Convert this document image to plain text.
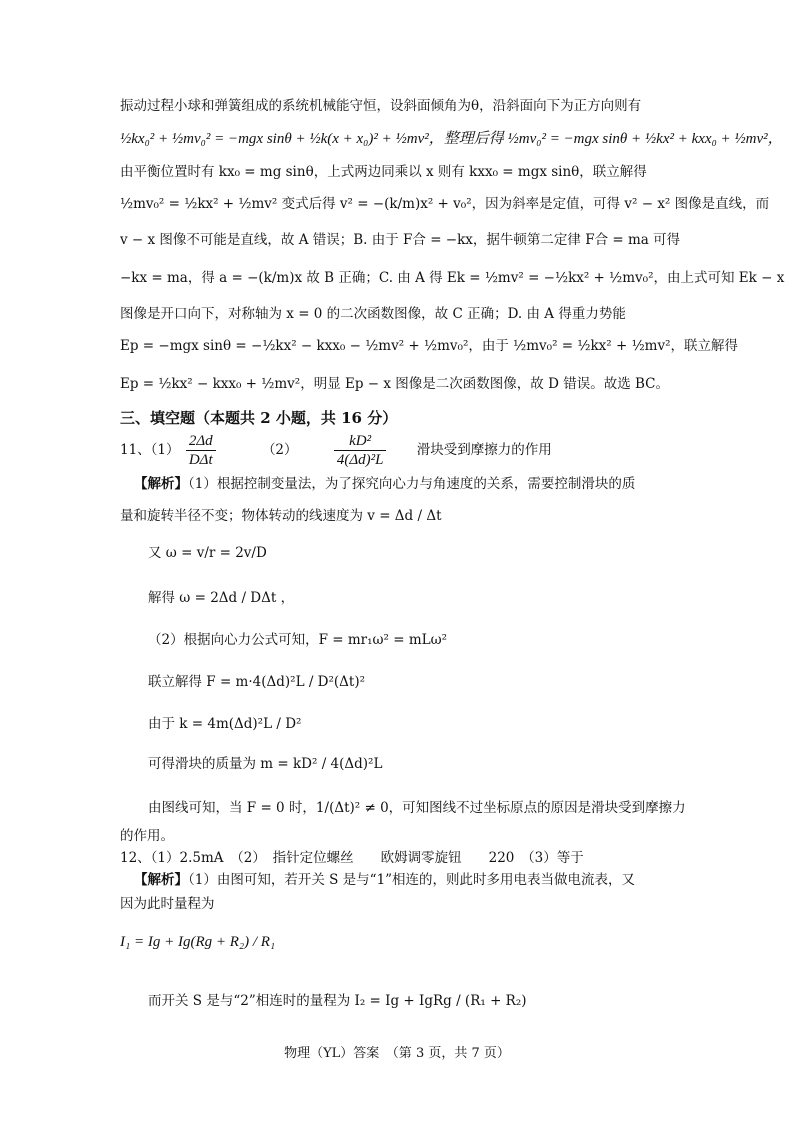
振动过程小球和弹簧组成的系统机械能守恒，设斜面倾角为θ，沿斜面向下为正方向则有
½kx₀² + ½mv₀² = −mgx sinθ + ½k(x + x₀)² + ½mv²，整理后得 ½mv₀² = −mgx sinθ + ½kx² + kxx₀ + ½mv²，
由平衡位置时有 kx₀ = mg sinθ，上式两边同乘以 x 则有 kxx₀ = mgx sinθ，联立解得
½mv₀² = ½kx² + ½mv² 变式后得 v² = −(k/m)x² + v₀²，因为斜率是定值，可得 v² − x² 图像是直线，而
v − x 图像不可能是直线，故 A 错误；B. 由于 F合 = −kx，据牛顿第二定律 F合 = ma 可得
−kx = ma，得 a = −(k/m)x 故 B 正确；C. 由 A 得 Ek = ½mv² = −½kx² + ½mv₀²，由上式可知 Ek − x
图像是开口向下，对称轴为 x = 0 的二次函数图像，故 C 正确；D. 由 A 得重力势能
Ep = −mgx sinθ = −½kx² − kxx₀ − ½mv² + ½mv₀²，由于 ½mv₀² = ½kx² + ½mv²，联立解得
Ep = ½kx² − kxx₀ + ½mv²，明显 Ep − x 图像是二次函数图像，故 D 错误。故选 BC。
三、填空题（本题共 2 小题，共 16 分）
11、$(1) \frac{2\Delta d}{\text{DΔt}}$	$(2) \frac{\text{kD²}}{\text{4(Δd)²L}}$ 滑块受到摩擦力的作用
【解析】（1）根据控制变量法，为了探究向心力与角速度的关系，需要控制滑块的质
量和旋转半径不变；物体转动的线速度为 v = Δd / Δt
又 ω = v/r = 2v/D
解得 ω = 2Δd / DΔt ，
（2）根据向心力公式可知，F = mr₁ω² = mLω²
联立解得 F = m·4(Δd)²L / D²(Δt)²
由于 k = 4m(Δd)²L / D²
可得滑块的质量为 m = kD² / 4(Δd)²L
由图线可知，当 F = 0 时，1/(Δt)² ≠ 0，可知图线不过坐标原点的原因是滑块受到摩擦力
的作用。
12、（1）2.5mA　（2）　指针定位螺丝　　欧姆调零旋钮　　220　（3）等于
【解析】（1）由图可知，若开关 S 是与“1”相连的，则此时多用电表当做电流表，又
因为此时量程为
I₁ = Ig + Ig(Rg + R₂) / R₁
而开关 S 是与“2”相连时的量程为 I₂ = Ig + IgRg / (R₁ + R₂)
物理（YL）答案　（第 3 页，共 7 页）
